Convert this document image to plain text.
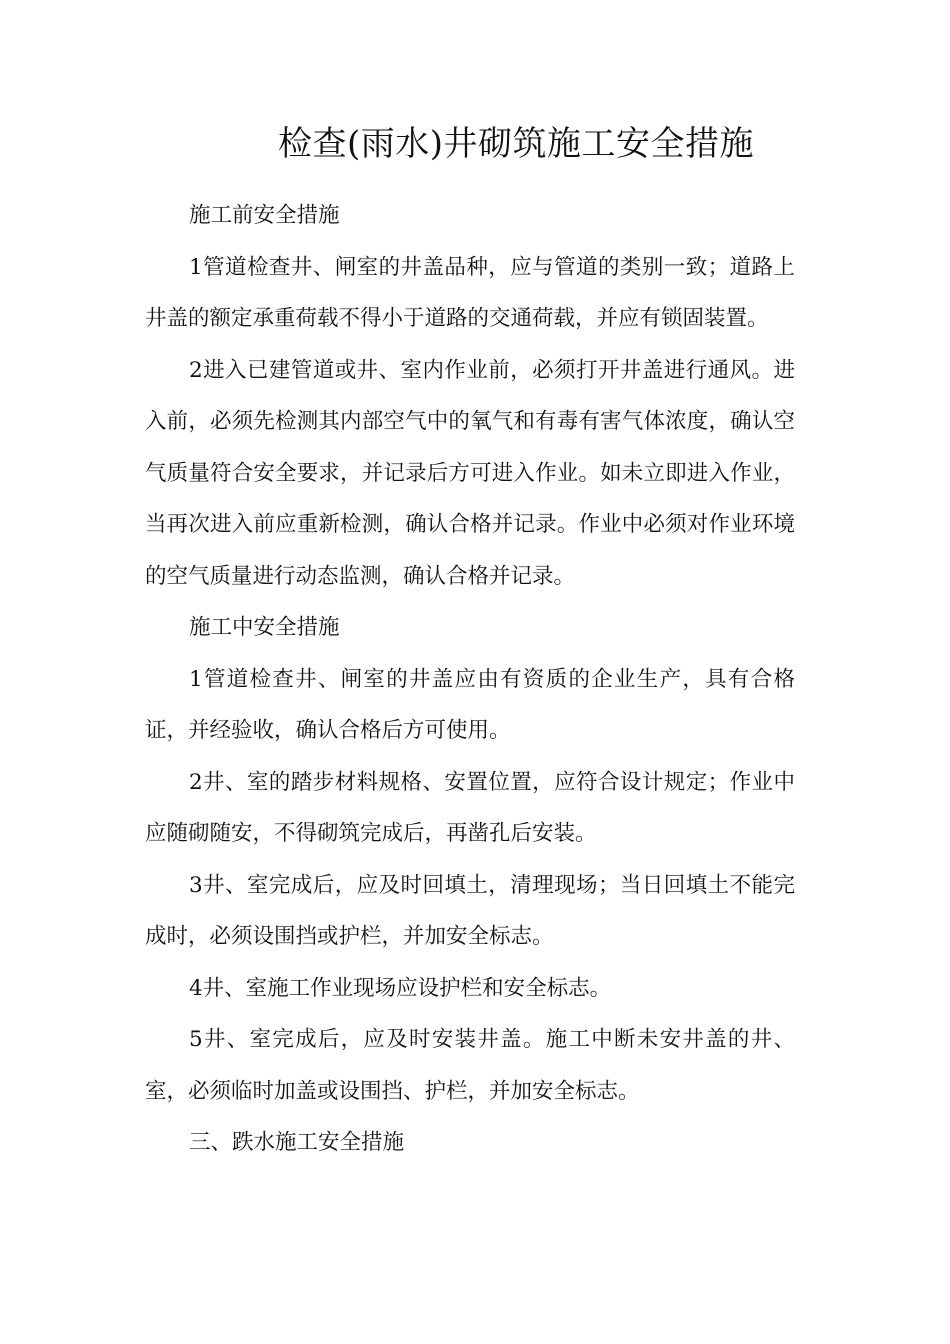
检查(雨水)井砌筑施工安全措施

施工前安全措施

1管道检查井、闸室的井盖品种，应与管道的类别一致；道路上井盖的额定承重荷载不得小于道路的交通荷载，并应有锁固装置。

2进入已建管道或井、室内作业前，必须打开井盖进行通风。进入前，必须先检测其内部空气中的氧气和有毒有害气体浓度，确认空气质量符合安全要求，并记录后方可进入作业。如未立即进入作业，当再次进入前应重新检测，确认合格并记录。作业中必须对作业环境的空气质量进行动态监测，确认合格并记录。

施工中安全措施

1管道检查井、闸室的井盖应由有资质的企业生产，具有合格证，并经验收，确认合格后方可使用。

2井、室的踏步材料规格、安置位置，应符合设计规定；作业中应随砌随安，不得砌筑完成后，再凿孔后安装。

3井、室完成后，应及时回填土，清理现场；当日回填土不能完成时，必须设围挡或护栏，并加安全标志。

4井、室施工作业现场应设护栏和安全标志。

5井、室完成后，应及时安装井盖。施工中断未安井盖的井、室，必须临时加盖或设围挡、护栏，并加安全标志。

三、跌水施工安全措施
